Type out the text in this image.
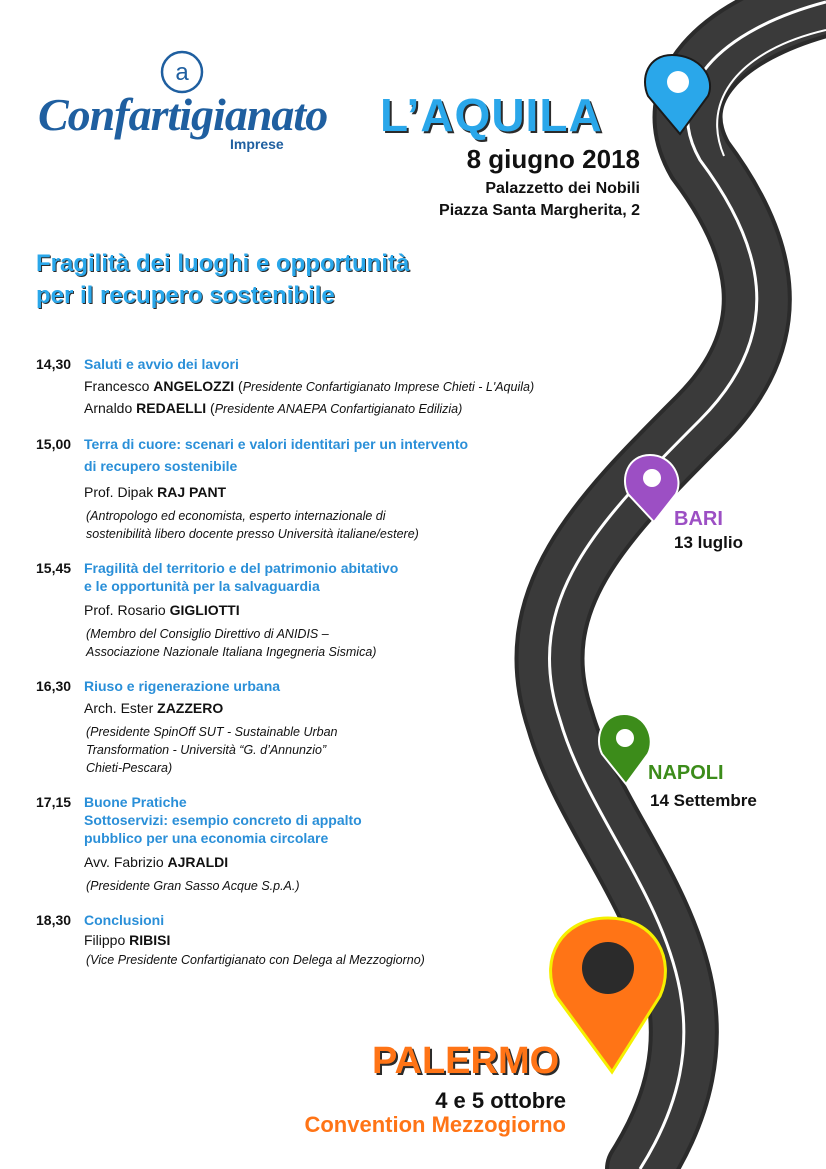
a
Confartigianato
Imprese
L’AQUILA
8 giugno 2018
Palazzetto dei Nobili
Piazza Santa Margherita, 2
Fragilità dei luoghi e opportunità
per il recupero sostenibile
14,30 Saluti e avvio dei lavori
Francesco ANGELOZZI (Presidente Confartigianato Imprese Chieti - L'Aquila)
Arnaldo REDAELLI (Presidente ANAEPA Confartigianato Edilizia)
15,00 Terra di cuore: scenari e valori identitari per un intervento
di recupero sostenibile
Prof. Dipak RAJ PANT
(Antropologo ed economista, esperto internazionale di
sostenibilità libero docente presso Università italiane/estere)
15,45 Fragilità del territorio e del patrimonio abitativo
e le opportunità per la salvaguardia
Prof. Rosario GIGLIOTTI
(Membro del Consiglio Direttivo di ANIDIS –
Associazione Nazionale Italiana Ingegneria Sismica)
16,30 Riuso e rigenerazione urbana
Arch. Ester ZAZZERO
(Presidente SpinOff SUT - Sustainable Urban
Transformation - Università “G. d’Annunzio”
Chieti-Pescara)
17,15 Buone Pratiche
Sottoservizi: esempio concreto di appalto
pubblico per una economia circolare
Avv. Fabrizio AJRALDI
(Presidente Gran Sasso Acque S.p.A.)
18,30 Conclusioni
Filippo RIBISI
(Vice Presidente Confartigianato con Delega al Mezzogiorno)
BARI
13 luglio
NAPOLI
14 Settembre
PALERMO
4 e 5 ottobre
Convention Mezzogiorno
